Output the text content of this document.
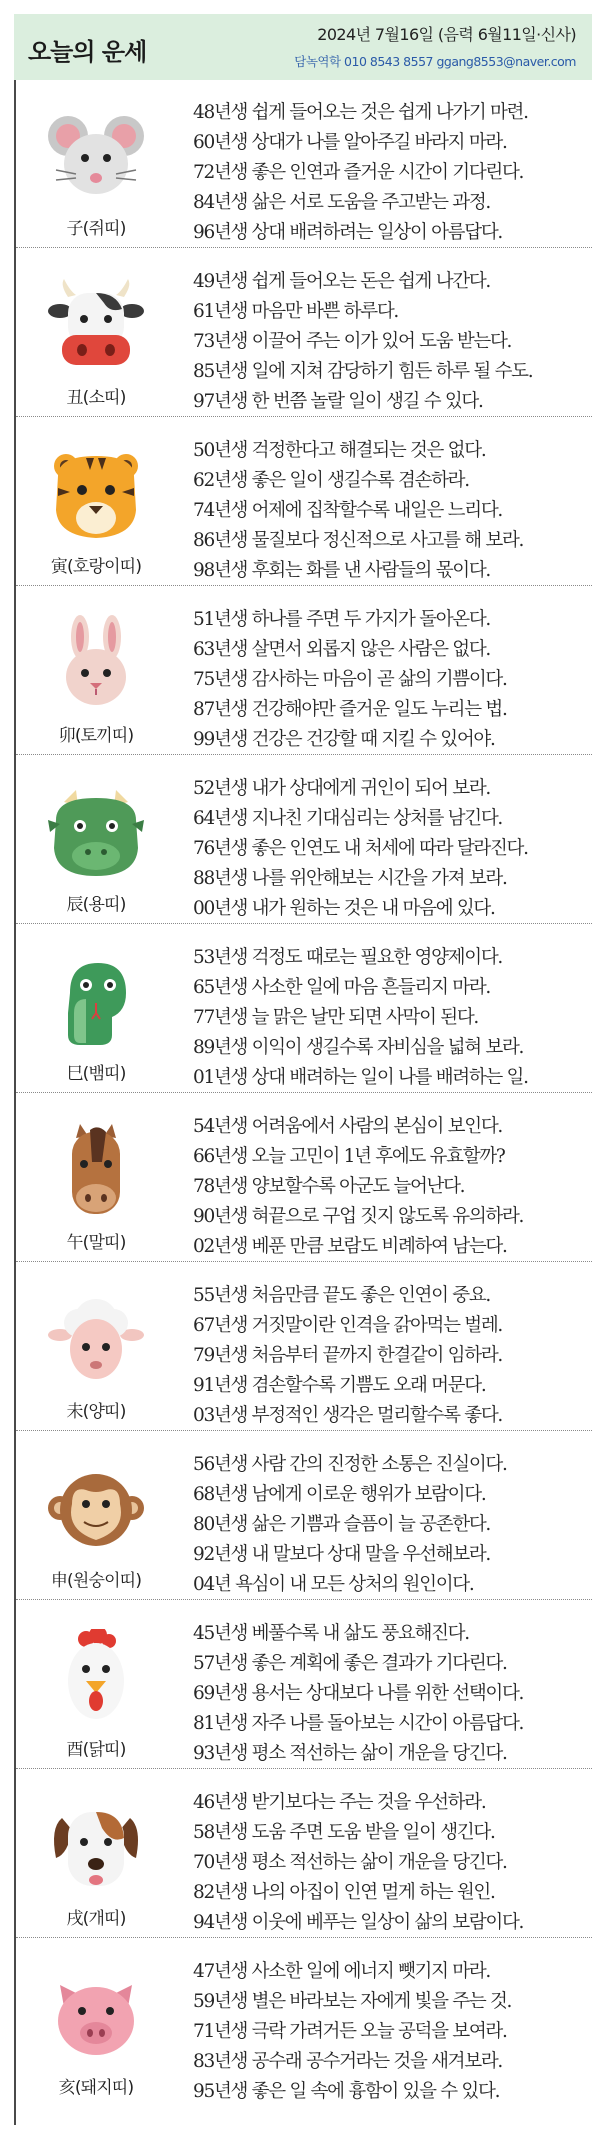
오늘의 운세
2024년 7월16일 (음력 6월11일·신사)
담녹역학 010 8543 8557 ggang8553@naver.com
子(쥐띠)
48년생 쉽게 들어오는 것은 쉽게 나가기 마련.
60년생 상대가 나를 알아주길 바라지 마라.
72년생 좋은 인연과 즐거운 시간이 기다린다.
84년생 삶은 서로 도움을 주고받는 과정.
96년생 상대 배려하려는 일상이 아름답다.
丑(소띠)
49년생 쉽게 들어오는 돈은 쉽게 나간다.
61년생 마음만 바쁜 하루다.
73년생 이끌어 주는 이가 있어 도움 받는다.
85년생 일에 지쳐 감당하기 힘든 하루 될 수도.
97년생 한 번쯤 놀랄 일이 생길 수 있다.
寅(호랑이띠)
50년생 걱정한다고 해결되는 것은 없다.
62년생 좋은 일이 생길수록 겸손하라.
74년생 어제에 집착할수록 내일은 느리다.
86년생 물질보다 정신적으로 사고를 해 보라.
98년생 후회는 화를 낸 사람들의 몫이다.
卯(토끼띠)
51년생 하나를 주면 두 가지가 돌아온다.
63년생 살면서 외롭지 않은 사람은 없다.
75년생 감사하는 마음이 곧 삶의 기쁨이다.
87년생 건강해야만 즐거운 일도 누리는 법.
99년생 건강은 건강할 때 지킬 수 있어야.
辰(용띠)
52년생 내가 상대에게 귀인이 되어 보라.
64년생 지나친 기대심리는 상처를 남긴다.
76년생 좋은 인연도 내 처세에 따라 달라진다.
88년생 나를 위안해보는 시간을 가져 보라.
00년생 내가 원하는 것은 내 마음에 있다.
巳(뱀띠)
53년생 걱정도 때로는 필요한 영양제이다.
65년생 사소한 일에 마음 흔들리지 마라.
77년생 늘 맑은 날만 되면 사막이 된다.
89년생 이익이 생길수록 자비심을 넓혀 보라.
01년생 상대 배려하는 일이 나를 배려하는 일.
午(말띠)
54년생 어려움에서 사람의 본심이 보인다.
66년생 오늘 고민이 1년 후에도 유효할까?
78년생 양보할수록 아군도 늘어난다.
90년생 혀끝으로 구업 짓지 않도록 유의하라.
02년생 베푼 만큼 보람도 비례하여 남는다.
未(양띠)
55년생 처음만큼 끝도 좋은 인연이 중요.
67년생 거짓말이란 인격을 갉아먹는 벌레.
79년생 처음부터 끝까지 한결같이 임하라.
91년생 겸손할수록 기쁨도 오래 머문다.
03년생 부정적인 생각은 멀리할수록 좋다.
申(원숭이띠)
56년생 사람 간의 진정한 소통은 진실이다.
68년생 남에게 이로운 행위가 보람이다.
80년생 삶은 기쁨과 슬픔이 늘 공존한다.
92년생 내 말보다 상대 말을 우선해보라.
04년 욕심이 내 모든 상처의 원인이다.
酉(닭띠)
45년생 베풀수록 내 삶도 풍요해진다.
57년생 좋은 계획에 좋은 결과가 기다린다.
69년생 용서는 상대보다 나를 위한 선택이다.
81년생 자주 나를 돌아보는 시간이 아름답다.
93년생 평소 적선하는 삶이 개운을 당긴다.
戌(개띠)
46년생 받기보다는 주는 것을 우선하라.
58년생 도움 주면 도움 받을 일이 생긴다.
70년생 평소 적선하는 삶이 개운을 당긴다.
82년생 나의 아집이 인연 멀게 하는 원인.
94년생 이웃에 베푸는 일상이 삶의 보람이다.
亥(돼지띠)
47년생 사소한 일에 에너지 뺏기지 마라.
59년생 별은 바라보는 자에게 빛을 주는 것.
71년생 극락 가려거든 오늘 공덕을 보여라.
83년생 공수래 공수거라는 것을 새겨보라.
95년생 좋은 일 속에 흉함이 있을 수 있다.
